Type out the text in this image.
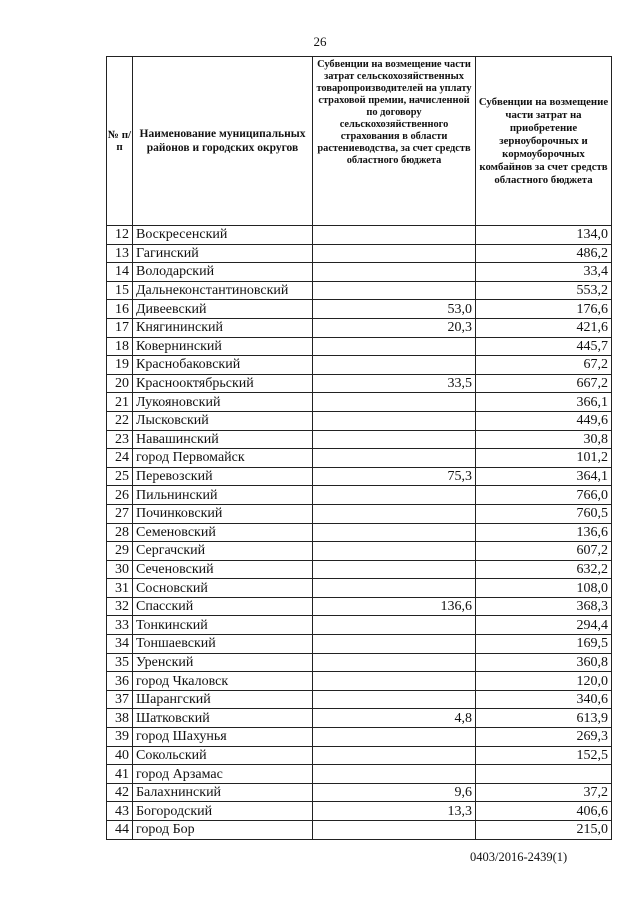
26
№ п/п	Наименование муниципальных районов и городских округов	Субвенции на возмещение части затрат сельскохозяйственных товаропроизводителей на уплату страховой премии, начисленной по договору сельскохозяйственного страхования в области растениеводства, за счет средств областного бюджета	Субвенции на возмещение части затрат на приобретение зерноуборочных и кормоуборочных комбайнов за счет средств областного бюджета
12	Воскресенский		134,0
13	Гагинский		486,2
14	Володарский		33,4
15	Дальнеконстантиновский		553,2
16	Дивеевский	53,0	176,6
17	Княгининский	20,3	421,6
18	Ковернинский		445,7
19	Краснобаковский		67,2
20	Краснооктябрьский	33,5	667,2
21	Лукояновский		366,1
22	Лысковский		449,6
23	Навашинский		30,8
24	город Первомайск		101,2
25	Перевозский	75,3	364,1
26	Пильнинский		766,0
27	Починковский		760,5
28	Семеновский		136,6
29	Сергачский		607,2
30	Сеченовский		632,2
31	Сосновский		108,0
32	Спасский	136,6	368,3
33	Тонкинский		294,4
34	Тоншаевский		169,5
35	Уренский		360,8
36	город Чкаловск		120,0
37	Шарангский		340,6
38	Шатковский	4,8	613,9
39	город Шахунья		269,3
40	Сокольский		152,5
41	город Арзамас		
42	Балахнинский	9,6	37,2
43	Богородский	13,3	406,6
44	город Бор		215,0
0403/2016-2439(1)
